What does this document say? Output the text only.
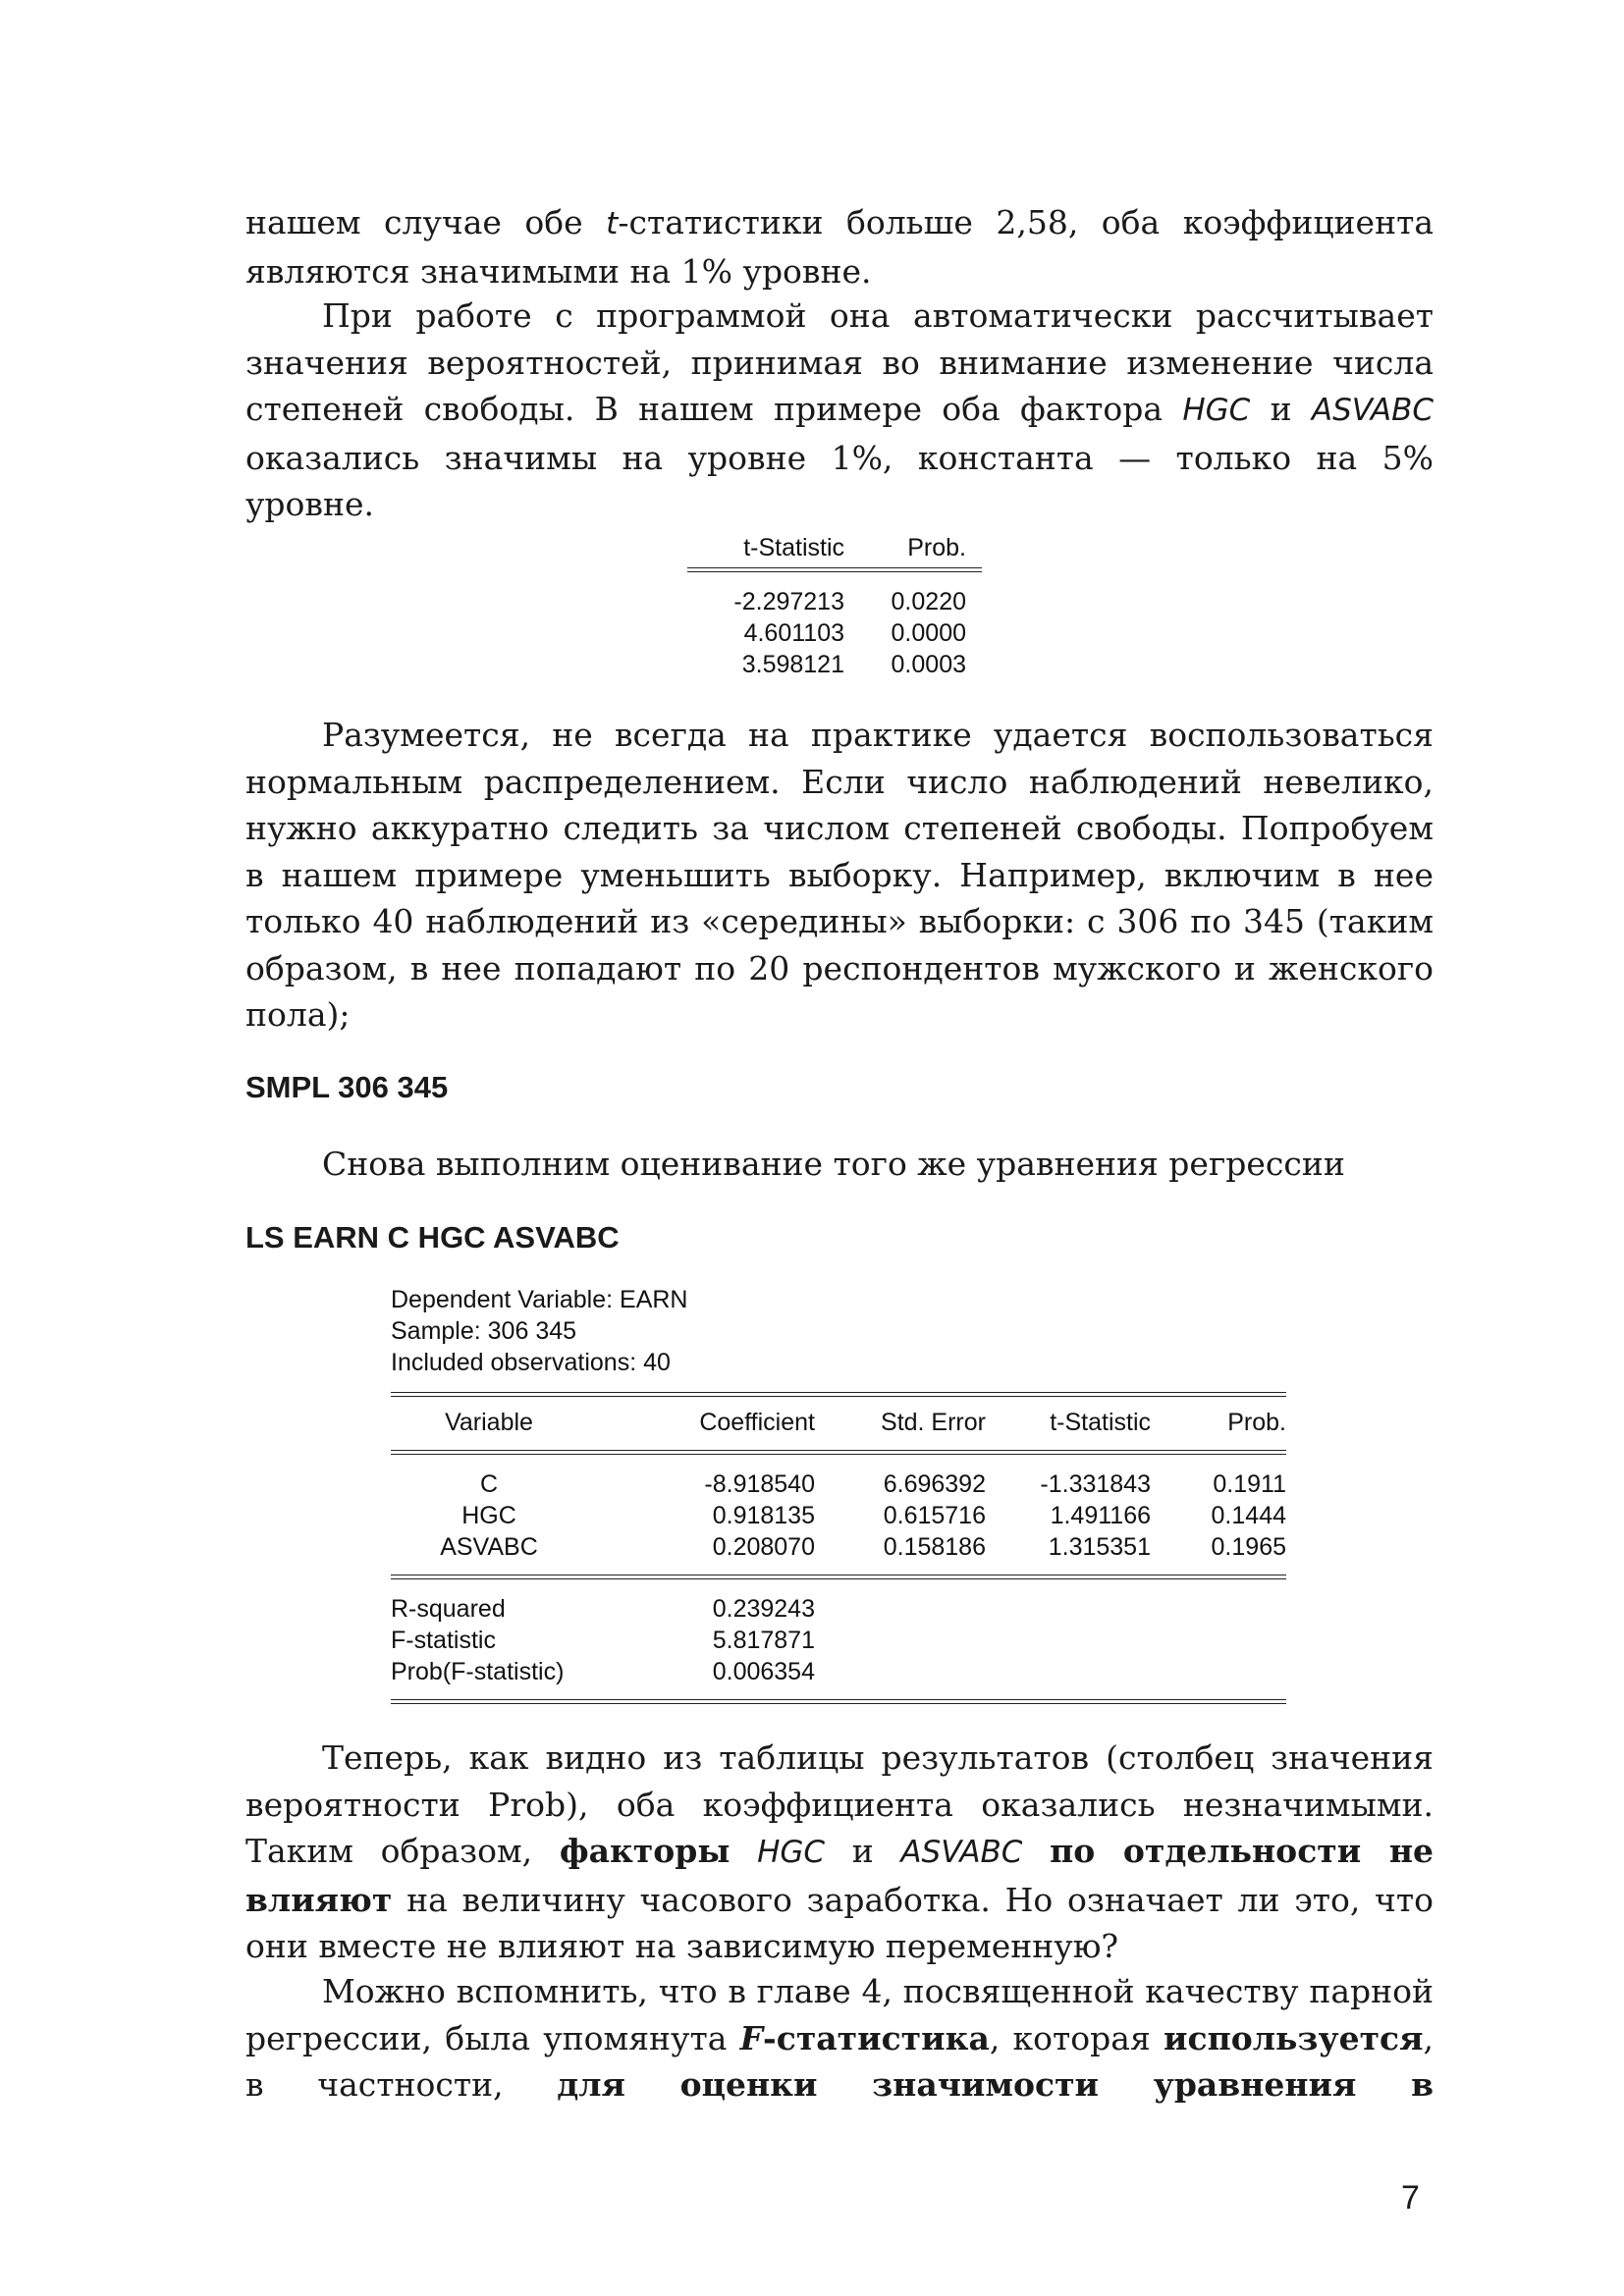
нашем случае обе t-статистики больше 2,58, оба коэффициента

являются значимыми на 1% уровне.

При работе с программой она автоматически рассчитывает значения вероятностей, принимая во внимание изменение числа степеней свободы. В нашем примере оба фактора HGC и ASVABC оказались значимы на уровне 1%, константа — только на 5% уровне.

t-Statistic	Prob.
-2.297213	0.0220
4.601103	0.0000
3.598121	0.0003

Разумеется, не всегда на практике удается воспользоваться нормальным распределением. Если число наблюдений невелико, нужно аккуратно следить за числом степеней свободы. Попробуем в нашем примере уменьшить выборку. Например, включим в нее только 40 наблюдений из «середины» выборки: с 306 по 345 (таким образом, в нее попадают по 20 респондентов мужского и женского пола);

SMPL 306 345

Снова выполним оценивание того же уравнения регрессии

LS EARN C HGC ASVABC
Dependent Variable: EARN
Sample: 306 345
Included observations: 40
Variable	Coefficient	Std. Error	t-Statistic	Prob.
C	-8.918540	6.696392	-1.331843	0.1911
HGC	0.918135	0.615716	1.491166	0.1444
ASVABC	0.208070	0.158186	1.315351	0.1965
R-squared	0.239243
F-statistic	5.817871
Prob(F-statistic)	0.006354

Теперь, как видно из таблицы результатов (столбец значения вероятности Prob), оба коэффициента оказались незначимыми. Таким образом, факторы HGC и ASVABC по отдельности не влияют на величину часового заработка. Но означает ли это, что они вместе не влияют на зависимую переменную?

Можно вспомнить, что в главе 4, посвященной качеству парной регрессии, была упомянута F-статистика, которая используется, в частности, для оценки значимости уравнения в

7
